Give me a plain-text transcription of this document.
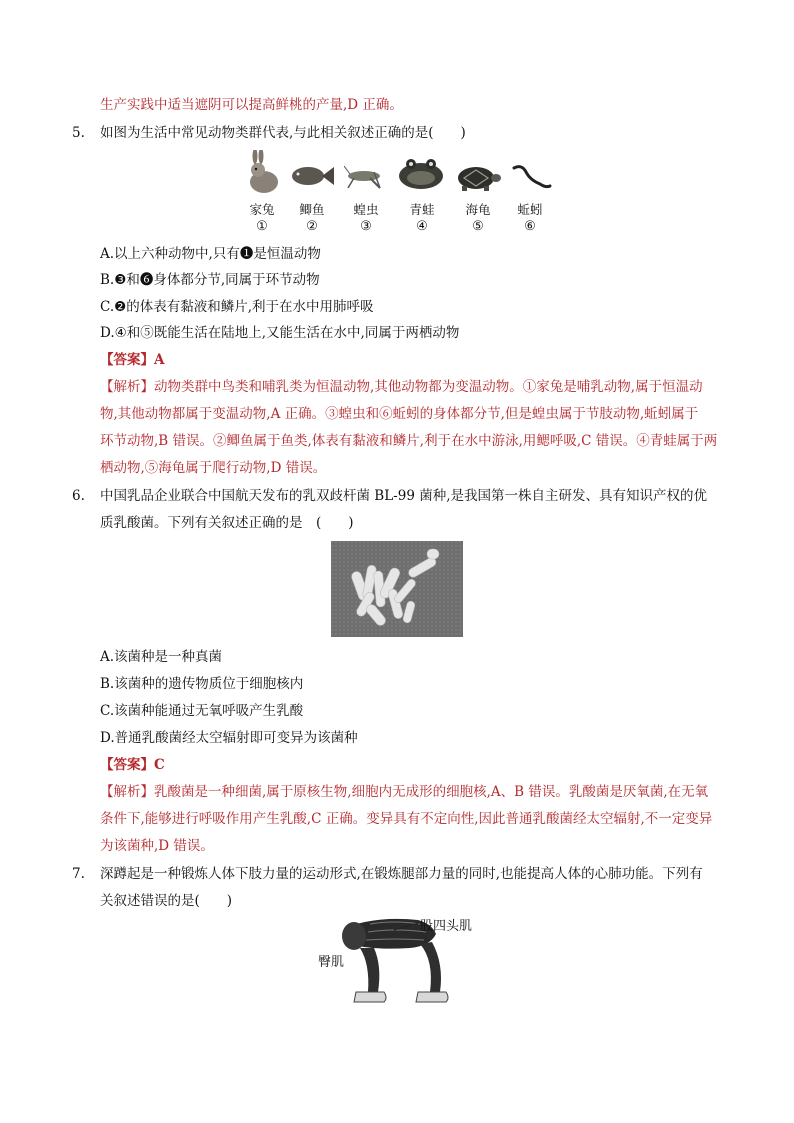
生产实践中适当遮阴可以提高鲜桃的产量,D 正确。
5. 如图为生活中常见动物类群代表,与此相关叙述正确的是(　　)
家兔	鲫鱼	蝗虫	青蛙	海龟	蚯蚓
①	②	③	④	⑤	⑥
A.以上六种动物中,只有❶是恒温动物
B.❸和❻身体都分节,同属于环节动物
C.❷的体表有黏液和鳞片,利于在水中用肺呼吸
D.④和⑤既能生活在陆地上,又能生活在水中,同属于两栖动物
【答案】A
【解析】动物类群中鸟类和哺乳类为恒温动物,其他动物都为变温动物。①家兔是哺乳动物,属于恒温动
物,其他动物都属于变温动物,A 正确。③蝗虫和⑥蚯蚓的身体都分节,但是蝗虫属于节肢动物,蚯蚓属于
环节动物,B 错误。②鲫鱼属于鱼类,体表有黏液和鳞片,利于在水中游泳,用鳃呼吸,C 错误。④青蛙属于两
栖动物,⑤海龟属于爬行动物,D 错误。
6. 中国乳品企业联合中国航天发布的乳双歧杆菌 BL-99 菌种,是我国第一株自主研发、具有知识产权的优
质乳酸菌。下列有关叙述正确的是　(　　)
A.该菌种是一种真菌
B.该菌种的遗传物质位于细胞核内
C.该菌种能通过无氧呼吸产生乳酸
D.普通乳酸菌经太空辐射即可变异为该菌种
【答案】C
【解析】乳酸菌是一种细菌,属于原核生物,细胞内无成形的细胞核,A、B 错误。乳酸菌是厌氧菌,在无氧
条件下,能够进行呼吸作用产生乳酸,C 正确。变异具有不定向性,因此普通乳酸菌经太空辐射,不一定变异
为该菌种,D 错误。
7. 深蹲起是一种锻炼人体下肢力量的运动形式,在锻炼腿部力量的同时,也能提高人体的心肺功能。下列有
关叙述错误的是(　　)
股四头肌
臀肌
